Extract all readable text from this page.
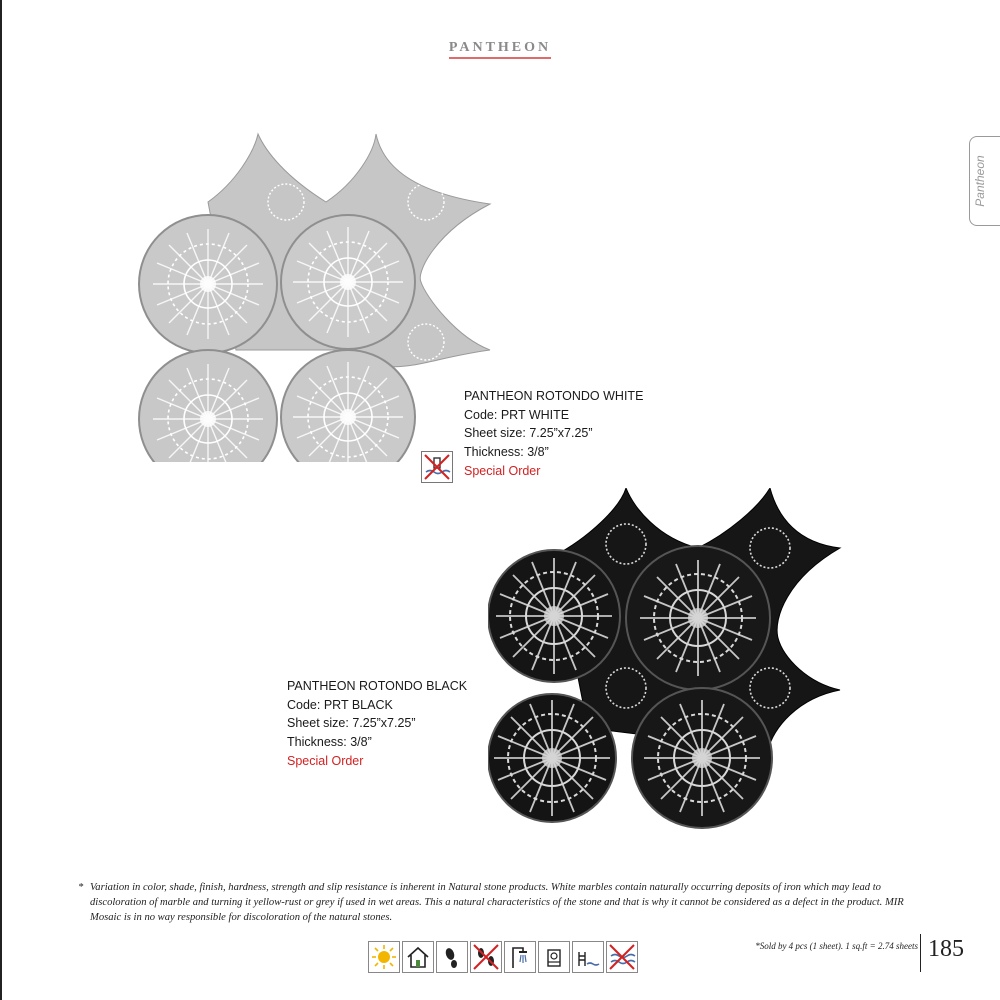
PANTHEON
Pantheon
PANTHEON ROTONDO WHITE
Code: PRT WHITE
Sheet size: 7.25”x7.25”
Thickness: 3/8”
Special Order
PANTHEON ROTONDO BLACK
Code: PRT BLACK
Sheet size: 7.25”x7.25”
Thickness: 3/8”
Special Order
* Variation in color, shade, finish, hardness, strength and slip resistance is inherent in Natural stone products. White marbles contain naturally occurring deposits of iron which may lead to discoloration of marble and turning it yellow-rust or grey if used in wet areas. This a natural characteristics of the stone and that is why it cannot be considered as a defect in the product. MIR Mosaic is in no way responsible for discoloration of the natural stones.
*Sold by 4 pcs (1 sheet). 1 sq.ft = 2.74 sheets 185
